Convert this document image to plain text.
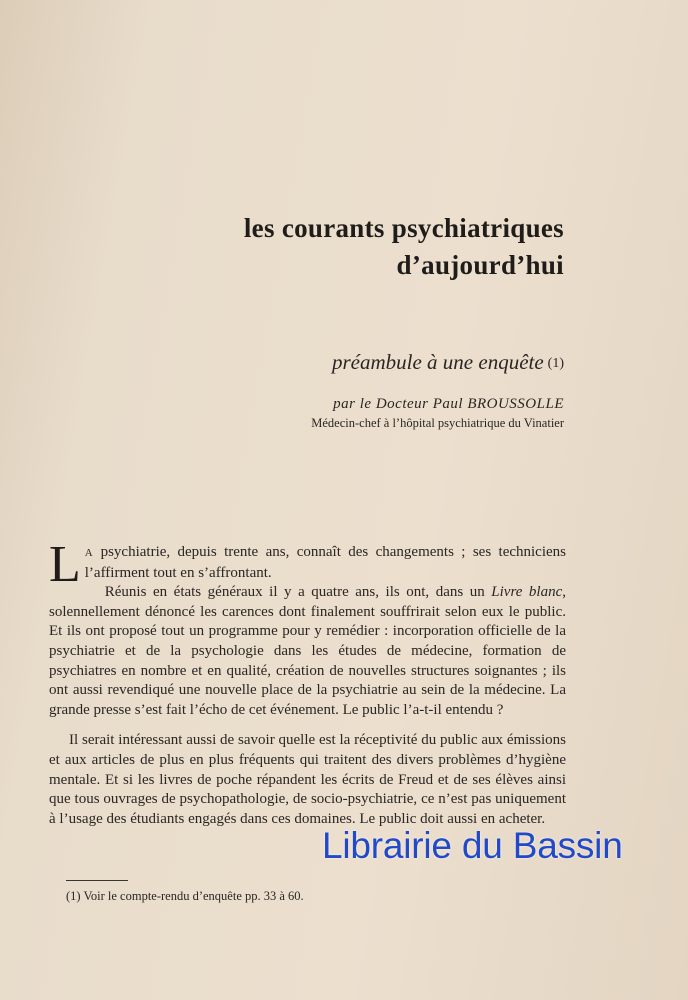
les courants psychiatriques
d’aujourd’hui
préambule à une enquête (1)
par le Docteur Paul BROUSSOLLE
Médecin-chef à l’hôpital psychiatrique du Vinatier

L A psychiatrie, depuis trente ans, connaît des changements ; ses techniciens l’affirment tout en s’affrontant.

Réunis en états généraux il y a quatre ans, ils ont, dans un Livre blanc, solennellement dénoncé les carences dont finalement souffrirait selon eux le public. Et ils ont proposé tout un programme pour y remédier : incorporation officielle de la psychiatrie et de la psychologie dans les études de médecine, formation de psychiatres en nombre et en qualité, création de nouvelles structures soignantes ; ils ont aussi revendiqué une nouvelle place de la psychiatrie au sein de la médecine. La grande presse s’est fait l’écho de cet événement. Le public l’a-t-il entendu ?

Il serait intéressant aussi de savoir quelle est la réceptivité du public aux émissions et aux articles de plus en plus fréquents qui traitent des divers problèmes d’hygiène mentale. Et si les livres de poche répandent les écrits de Freud et de ses élèves ainsi que tous ouvrages de psychopathologie, de socio-psychiatrie, ce n’est pas uniquement à l’usage des étudiants engagés dans ces domaines. Le public doit aussi en acheter.

(1) Voir le compte-rendu d’enquête pp. 33 à 60.
Librairie du Bassin
